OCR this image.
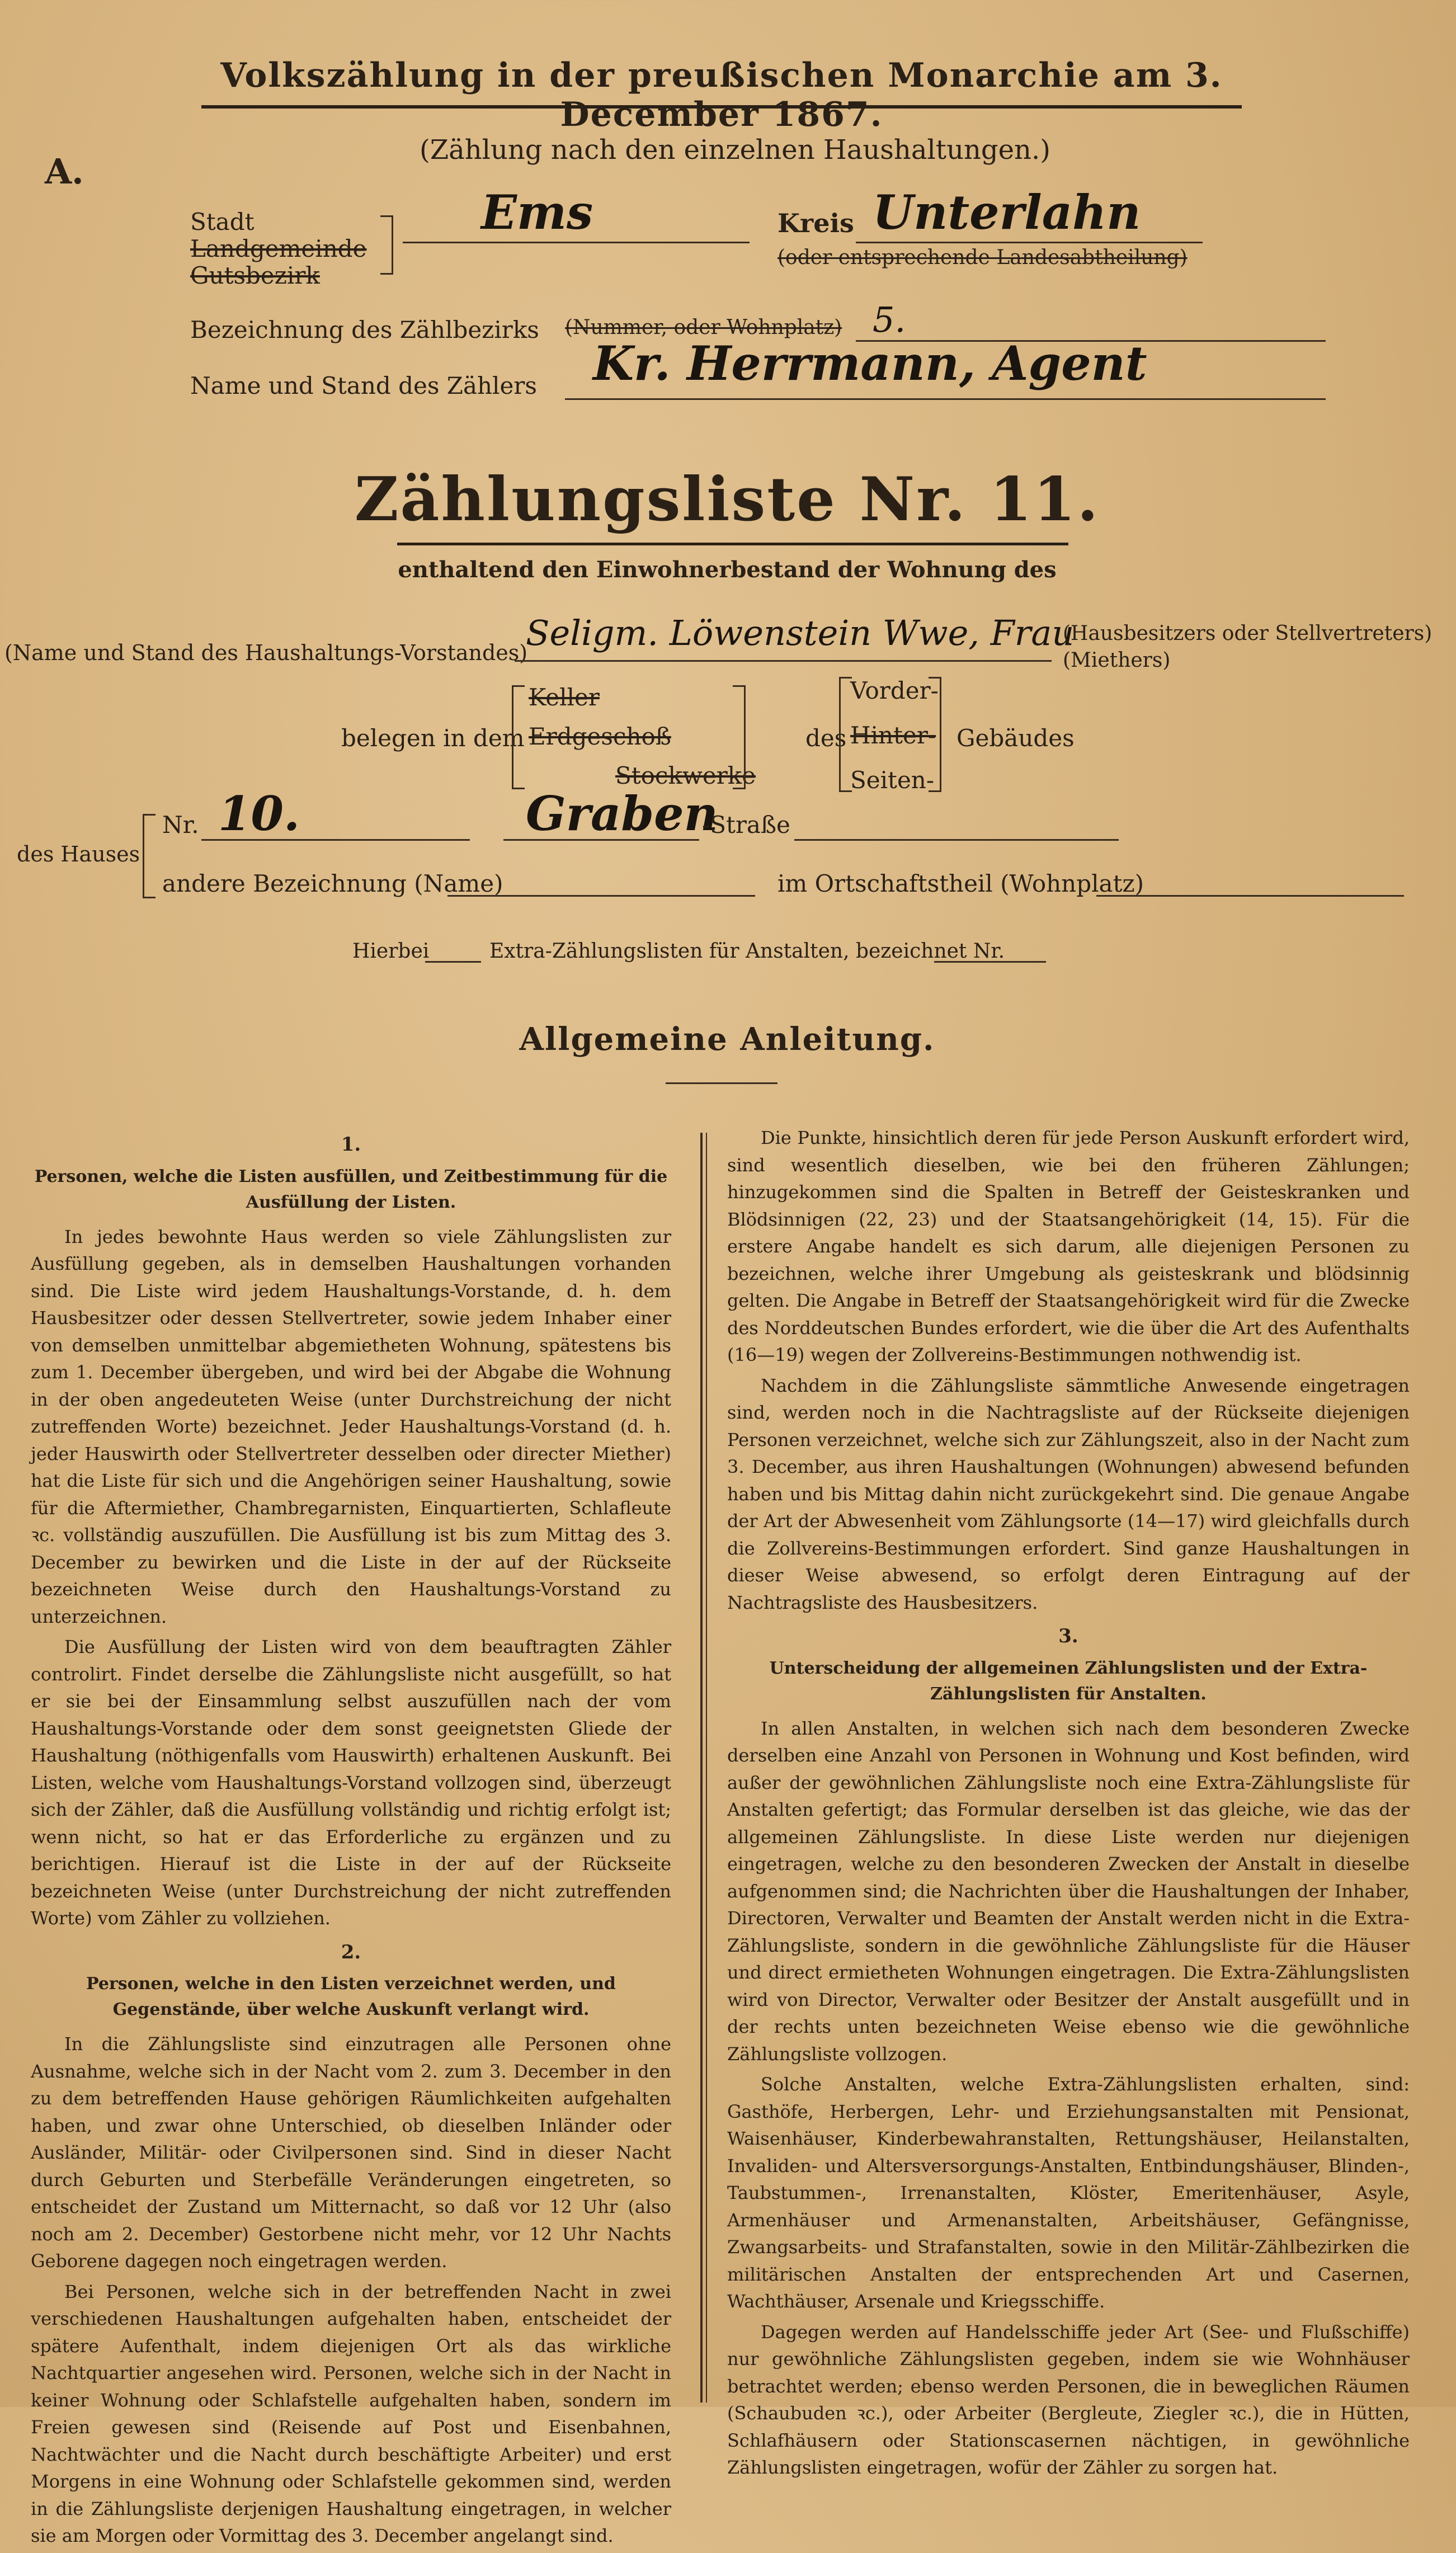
Volkszählung in der preußischen Monarchie am 3. December 1867.
A.
(Zählung nach den einzelnen Haushaltungen.)
Stadt
Landgemeinde
Gutsbezirk
Ems	Kreis Unterlahn
(oder entsprechende Landesabtheilung)
Bezeichnung des Zählbezirks (Nummer, oder Wohnplatz) 5.
Name und Stand des Zählers Kr. Herrmann, Agent
Zählungsliste Nr. 11.
enthaltend den Einwohnerbestand der Wohnung des
(Name und Stand des Haushaltungs-Vorstandes)
Seligm. Löwenstein Wwe, Frau
(Hausbesitzers oder Stellvertreters)
(Miethers)
belegen in dem
Keller
Erdgeschoß
Stockwerke
des
Vorder-
Hinter-
Seiten-
Gebäudes
des Hauses
Nr. 10.	Graben
-Straße
andere Bezeichnung (Name)	im Ortschaftstheil (Wohnplatz)
Hierbei	Extra-Zählungslisten für Anstalten, bezeichnet Nr.
Allgemeine Anleitung.
1.
Personen, welche die Listen ausfüllen, und Zeitbestimmung für die Ausfüllung der Listen.

In jedes bewohnte Haus werden so viele Zählungslisten zur Ausfüllung gegeben, als in demselben Haushaltungen vorhanden sind. Die Liste wird jedem Haushaltungs-Vorstande, d. h. dem Hausbesitzer oder dessen Stellvertreter, sowie jedem Inhaber einer von demselben unmittelbar abgemietheten Wohnung, spätestens bis zum 1. December übergeben, und wird bei der Abgabe die Wohnung in der oben angedeuteten Weise (unter Durchstreichung der nicht zutreffenden Worte) bezeichnet. Jeder Haushaltungs-Vorstand (d. h. jeder Hauswirth oder Stellvertreter desselben oder directer Miether) hat die Liste für sich und die Angehörigen seiner Haushaltung, sowie für die Aftermiether, Chambregarnisten, Einquartierten, Schlafleute ꝛc. vollständig auszufüllen. Die Ausfüllung ist bis zum Mittag des 3. December zu bewirken und die Liste in der auf der Rückseite bezeichneten Weise durch den Haushaltungs-Vorstand zu unterzeichnen.

Die Ausfüllung der Listen wird von dem beauftragten Zähler controlirt. Findet derselbe die Zählungsliste nicht ausgefüllt, so hat er sie bei der Einsammlung selbst auszufüllen nach der vom Haushaltungs-Vorstande oder dem sonst geeignetsten Gliede der Haushaltung (nöthigenfalls vom Hauswirth) erhaltenen Auskunft. Bei Listen, welche vom Haushaltungs-Vorstand vollzogen sind, überzeugt sich der Zähler, daß die Ausfüllung vollständig und richtig erfolgt ist; wenn nicht, so hat er das Erforderliche zu ergänzen und zu berichtigen. Hierauf ist die Liste in der auf der Rückseite bezeichneten Weise (unter Durchstreichung der nicht zutreffenden Worte) vom Zähler zu vollziehen.

2.
Personen, welche in den Listen verzeichnet werden, und Gegenstände, über welche Auskunft verlangt wird.

In die Zählungsliste sind einzutragen alle Personen ohne Ausnahme, welche sich in der Nacht vom 2. zum 3. December in den zu dem betreffenden Hause gehörigen Räumlichkeiten aufgehalten haben, und zwar ohne Unterschied, ob dieselben Inländer oder Ausländer, Militär- oder Civilpersonen sind. Sind in dieser Nacht durch Geburten und Sterbefälle Veränderungen eingetreten, so entscheidet der Zustand um Mitternacht, so daß vor 12 Uhr (also noch am 2. December) Gestorbene nicht mehr, vor 12 Uhr Nachts Geborene dagegen noch eingetragen werden.

Bei Personen, welche sich in der betreffenden Nacht in zwei verschiedenen Haushaltungen aufgehalten haben, entscheidet der spätere Aufenthalt, indem diejenigen Ort als das wirkliche Nachtquartier angesehen wird. Personen, welche sich in der Nacht in keiner Wohnung oder Schlafstelle aufgehalten haben, sondern im Freien gewesen sind (Reisende auf Post und Eisenbahnen, Nachtwächter und die Nacht durch beschäftigte Arbeiter) und erst Morgens in eine Wohnung oder Schlafstelle gekommen sind, werden in die Zählungsliste derjenigen Haushaltung eingetragen, in welcher sie am Morgen oder Vormittag des 3. December angelangt sind.

Die Punkte, hinsichtlich deren für jede Person Auskunft erfordert wird, sind wesentlich dieselben, wie bei den früheren Zählungen; hinzugekommen sind die Spalten in Betreff der Geisteskranken und Blödsinnigen (22, 23) und der Staatsangehörigkeit (14, 15). Für die erstere Angabe handelt es sich darum, alle diejenigen Personen zu bezeichnen, welche ihrer Umgebung als geisteskrank und blödsinnig gelten. Die Angabe in Betreff der Staatsangehörigkeit wird für die Zwecke des Norddeutschen Bundes erfordert, wie die über die Art des Aufenthalts (16—19) wegen der Zollvereins-Bestimmungen nothwendig ist.

Nachdem in die Zählungsliste sämmtliche Anwesende eingetragen sind, werden noch in die Nachtragsliste auf der Rückseite diejenigen Personen verzeichnet, welche sich zur Zählungszeit, also in der Nacht zum 3. December, aus ihren Haushaltungen (Wohnungen) abwesend befunden haben und bis Mittag dahin nicht zurückgekehrt sind. Die genaue Angabe der Art der Abwesenheit vom Zählungsorte (14—17) wird gleichfalls durch die Zollvereins-Bestimmungen erfordert. Sind ganze Haushaltungen in dieser Weise abwesend, so erfolgt deren Eintragung auf der Nachtragsliste des Hausbesitzers.

3.
Unterscheidung der allgemeinen Zählungslisten und der Extra-Zählungslisten für Anstalten.

In allen Anstalten, in welchen sich nach dem besonderen Zwecke derselben eine Anzahl von Personen in Wohnung und Kost befinden, wird außer der gewöhnlichen Zählungsliste noch eine Extra-Zählungsliste für Anstalten gefertigt; das Formular derselben ist das gleiche, wie das der allgemeinen Zählungsliste. In diese Liste werden nur diejenigen eingetragen, welche zu den besonderen Zwecken der Anstalt in dieselbe aufgenommen sind; die Nachrichten über die Haushaltungen der Inhaber, Directoren, Verwalter und Beamten der Anstalt werden nicht in die Extra-Zählungsliste, sondern in die gewöhnliche Zählungsliste für die Häuser und direct ermietheten Wohnungen eingetragen. Die Extra-Zählungslisten wird von Director, Verwalter oder Besitzer der Anstalt ausgefüllt und in der rechts unten bezeichneten Weise ebenso wie die gewöhnliche Zählungsliste vollzogen.

Solche Anstalten, welche Extra-Zählungslisten erhalten, sind: Gasthöfe, Herbergen, Lehr- und Erziehungsanstalten mit Pensionat, Waisenhäuser, Kinderbewahranstalten, Rettungshäuser, Heilanstalten, Invaliden- und Altersversorgungs-Anstalten, Entbindungshäuser, Blinden-, Taubstummen-, Irrenanstalten, Klöster, Emeritenhäuser, Asyle, Armenhäuser und Armenanstalten, Arbeitshäuser, Gefängnisse, Zwangsarbeits- und Strafanstalten, sowie in den Militär-Zählbezirken die militärischen Anstalten der entsprechenden Art und Casernen, Wachthäuser, Arsenale und Kriegsschiffe.

Dagegen werden auf Handelsschiffe jeder Art (See- und Flußschiffe) nur gewöhnliche Zählungslisten gegeben, indem sie wie Wohnhäuser betrachtet werden; ebenso werden Personen, die in beweglichen Räumen (Schaubuden ꝛc.), oder Arbeiter (Bergleute, Ziegler ꝛc.), die in Hütten, Schlafhäusern oder Stationscasernen nächtigen, in gewöhnliche Zählungslisten eingetragen, wofür der Zähler zu sorgen hat.
